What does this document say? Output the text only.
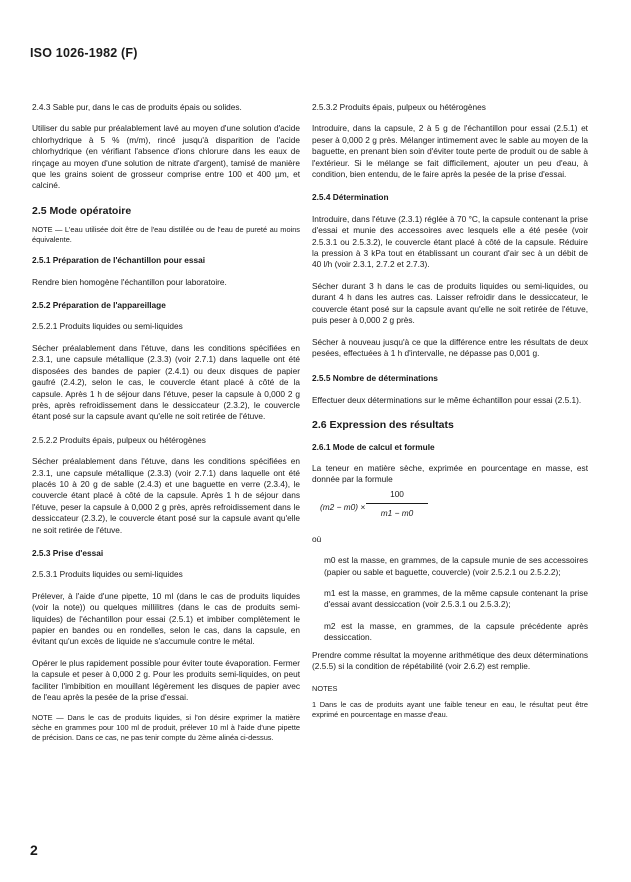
ISO 1026-1982 (F)
2.4.3 Sable pur, dans le cas de produits épais ou solides.

Utiliser du sable pur préalablement lavé au moyen d'une solution d'acide chlorhydrique à 5 % (m/m), rincé jusqu'à disparition de l'acide chlorhydrique (en vérifiant l'absence d'ions chlorure dans les eaux de rinçage au moyen d'une solution de nitrate d'argent), tamisé de manière que les grains soient de grosseur comprise entre 100 et 400 µm, et calciné.

2.5 Mode opératoire
NOTE — L'eau utilisée doit être de l'eau distillée ou de l'eau de pureté au moins équivalente.
2.5.1 Préparation de l'échantillon pour essai

Rendre bien homogène l'échantillon pour laboratoire.

2.5.2 Préparation de l'appareillage
2.5.2.1 Produits liquides ou semi-liquides

Sécher préalablement dans l'étuve, dans les conditions spécifiées en 2.3.1, une capsule métallique (2.3.3) (voir 2.7.1) dans laquelle ont été disposées des bandes de papier (2.4.1) ou deux disques de papier gaufré (2.4.2), selon le cas, le couvercle étant placé à côté de la capsule. Après 1 h de séjour dans l'étuve, peser la capsule à 0,000 2 g près, après refroidissement dans le dessiccateur (2.3.2), le couvercle étant posé sur la capsule avant qu'elle ne soit retirée de l'étuve.

2.5.2.2 Produits épais, pulpeux ou hétérogènes

Sécher préalablement dans l'étuve, dans les conditions spécifiées en 2.3.1, une capsule métallique (2.3.3) (voir 2.7.1) dans laquelle ont été placés 10 à 20 g de sable (2.4.3) et une baguette en verre (2.3.4), le couvercle étant placé à côté de la capsule. Après 1 h de séjour dans l'étuve, peser la capsule à 0,000 2 g près, après refroidissement dans le dessiccateur (2.3.2), le couvercle étant posé sur la capsule avant qu'elle ne soit retirée de l'étuve.

2.5.3 Prise d'essai
2.5.3.1 Produits liquides ou semi-liquides

Prélever, à l'aide d'une pipette, 10 ml (dans le cas de produits liquides (voir la note)) ou quelques millilitres (dans le cas de produits semi-liquides) de l'échantillon pour essai (2.5.1) et imbiber complètement le papier en bandes ou en rondelles, selon le cas, dans la capsule, en évitant qu'un excès de liquide ne s'accumule contre le métal.

Opérer le plus rapidement possible pour éviter toute évaporation. Fermer la capsule et peser à 0,000 2 g. Pour les produits semi-liquides, on peut faciliter l'imbibition en mouillant légèrement les disques de papier avec de l'eau après la pesée de la prise d'essai.

NOTE — Dans le cas de produits liquides, si l'on désire exprimer la matière sèche en grammes pour 100 ml de produit, prélever 10 ml à l'aide d'une pipette de précision. Dans ce cas, ne pas tenir compte du 2ème alinéa ci-dessus.
2.5.3.2 Produits épais, pulpeux ou hétérogènes

Introduire, dans la capsule, 2 à 5 g de l'échantillon pour essai (2.5.1) et peser à 0,000 2 g près. Mélanger intimement avec le sable au moyen de la baguette, en prenant bien soin d'éviter toute perte de produit ou de sable à l'extérieur. Si le mélange se fait difficilement, ajouter un peu d'eau, à condition, bien entendu, de le faire après la pesée de la prise d'essai.

2.5.4 Détermination

Introduire, dans l'étuve (2.3.1) réglée à 70 °C, la capsule contenant la prise d'essai et munie des accessoires avec lesquels elle a été pesée (voir 2.5.3.1 ou 2.5.3.2), le couvercle étant placé à côté de la capsule. Réduire la pression à 3 kPa tout en établissant un courant d'air sec à un débit de 40 l/h (voir 2.3.1, 2.7.2 et 2.7.3).

Sécher durant 3 h dans le cas de produits liquides ou semi-liquides, ou durant 4 h dans les autres cas. Laisser refroidir dans le dessiccateur, le couvercle étant posé sur la capsule avant qu'elle ne soit retirée de l'étuve, puis peser à 0,000 2 g près.

Sécher à nouveau jusqu'à ce que la différence entre les résultats de deux pesées, effectuées à 1 h d'intervalle, ne dépasse pas 0,001 g.

2.5.5 Nombre de déterminations

Effectuer deux déterminations sur le même échantillon pour essai (2.5.1).

2.6 Expression des résultats
2.6.1 Mode de calcul et formule

La teneur en matière sèche, exprimée en pourcentage en masse, est donnée par la formule

(m2 − m0) ×
100
m1 − m0
où

m0 est la masse, en grammes, de la capsule munie de ses accessoires (papier ou sable et baguette, couvercle) (voir 2.5.2.1 ou 2.5.2.2);

m1 est la masse, en grammes, de la même capsule contenant la prise d'essai avant dessiccation (voir 2.5.3.1 ou 2.5.3.2);

m2 est la masse, en grammes, de la capsule précédente après dessiccation.

Prendre comme résultat la moyenne arithmétique des deux déterminations (2.5.5) si la condition de répétabilité (voir 2.6.2) est remplie.

NOTES
1 Dans le cas de produits ayant une faible teneur en eau, le résultat peut être exprimé en pourcentage en masse d'eau.
2
